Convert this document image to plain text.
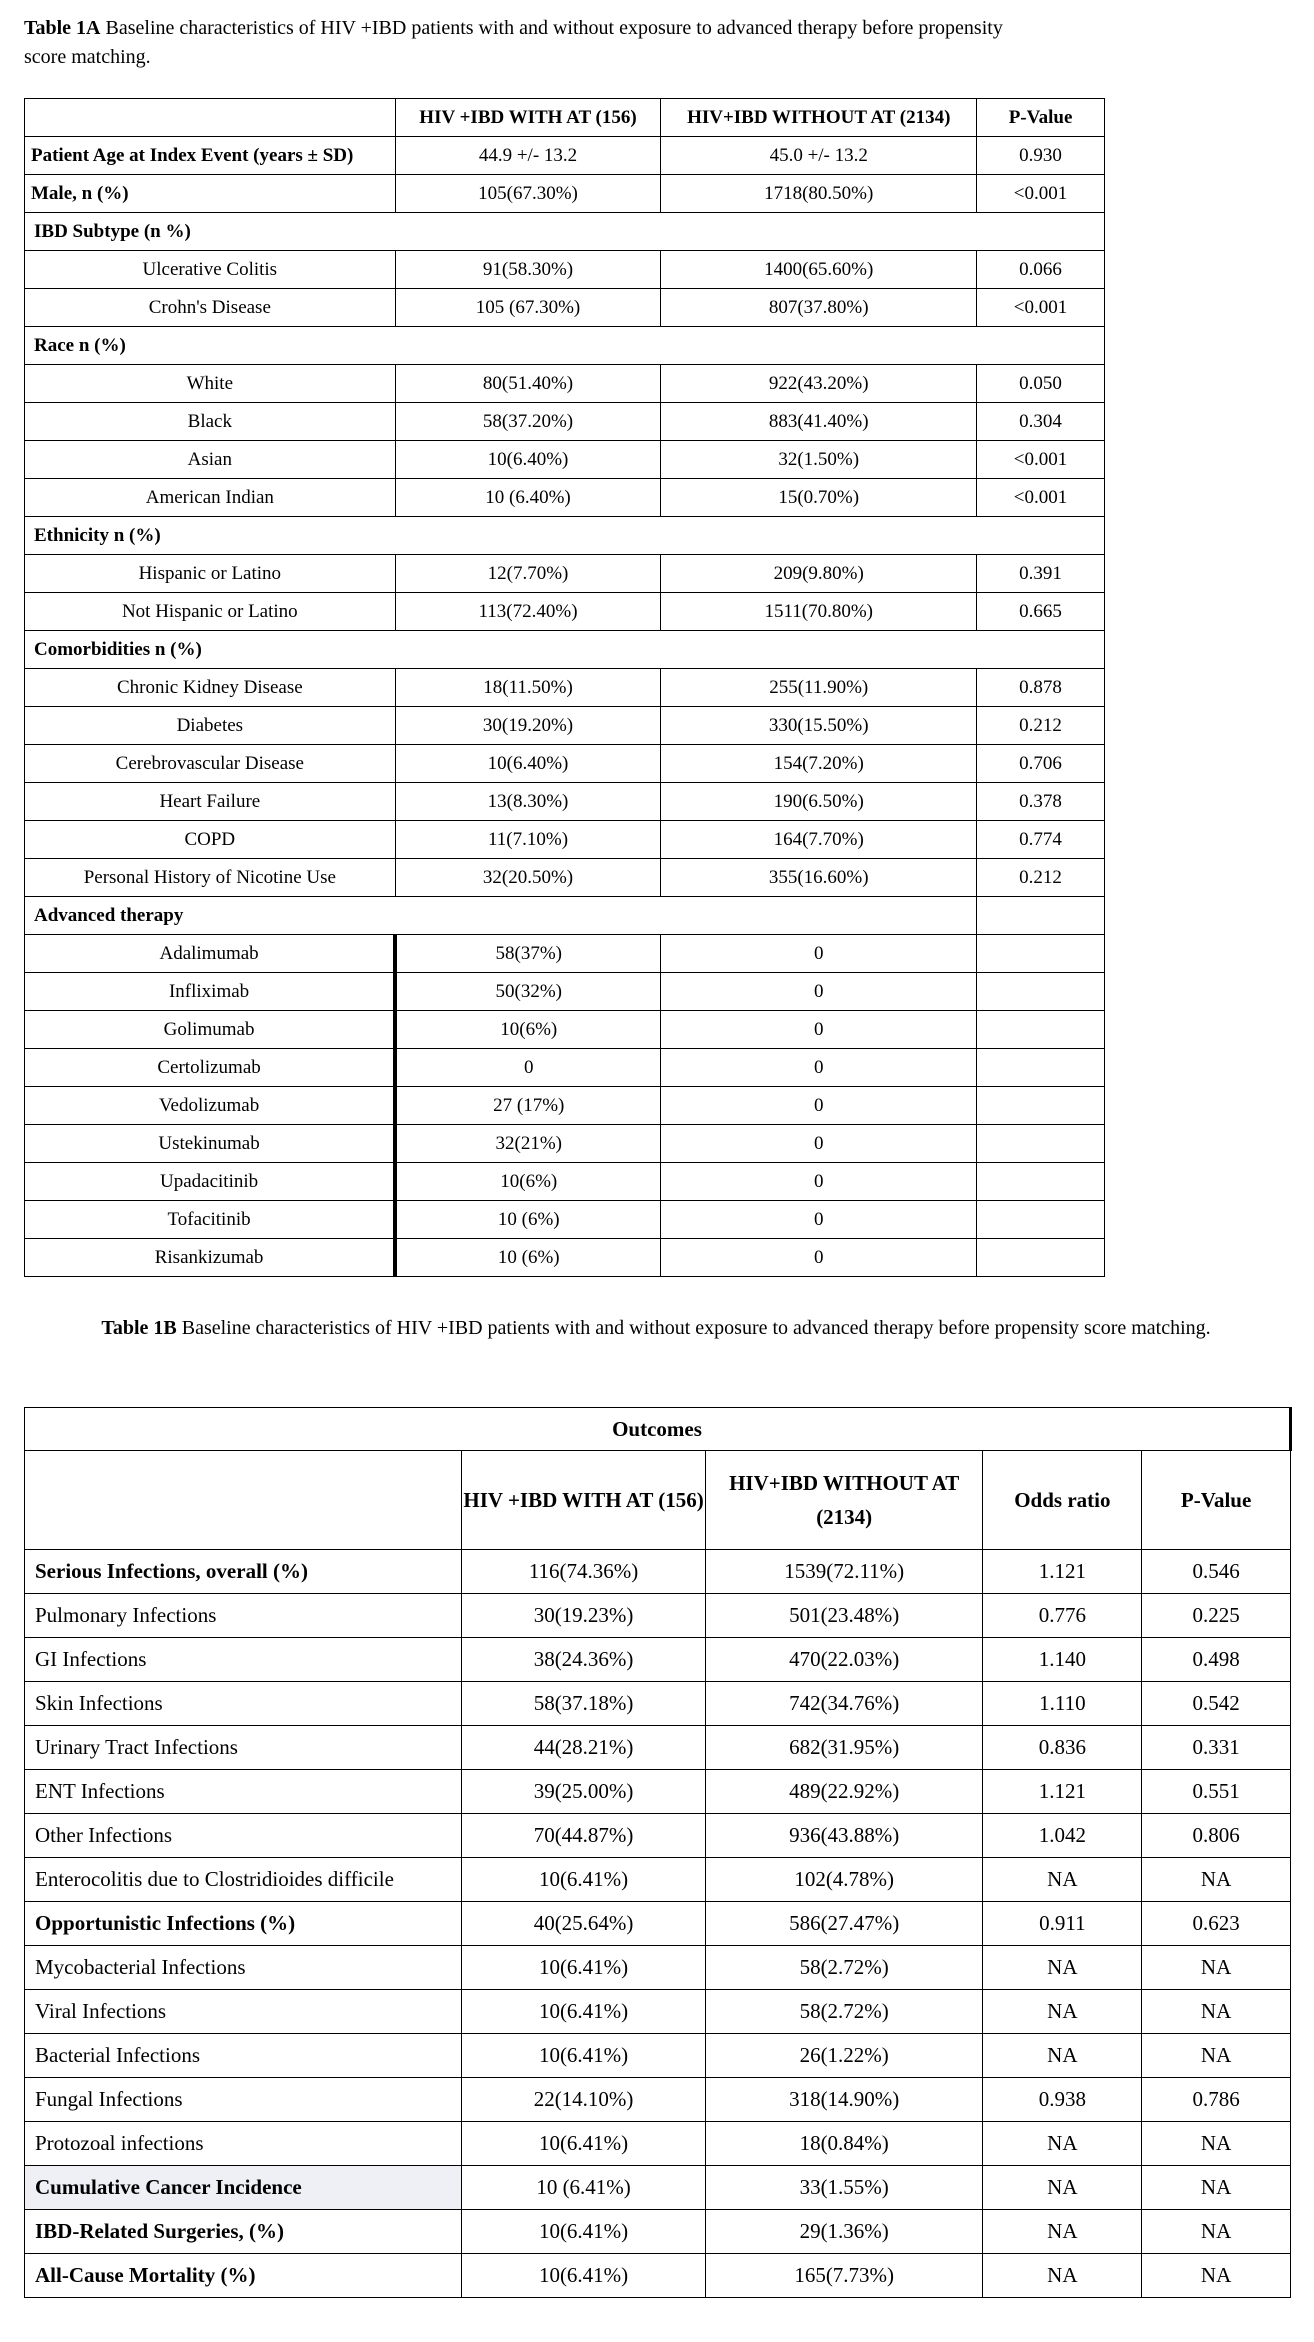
Table 1A Baseline characteristics of HIV +IBD patients with and without exposure to advanced therapy before propensity score matching.
	HIV +IBD WITH AT (156)	HIV+IBD WITHOUT AT (2134)	P-Value
Patient Age at Index Event (years ± SD)	44.9 +/- 13.2	45.0 +/- 13.2	0.930
Male, n (%)	105(67.30%)	1718(80.50%)	<0.001
IBD Subtype (n %)			
Ulcerative Colitis	91(58.30%)	1400(65.60%)	0.066
Crohn's Disease	105 (67.30%)	807(37.80%)	<0.001
Race n (%)			
White	80(51.40%)	922(43.20%)	0.050
Black	58(37.20%)	883(41.40%)	0.304
Asian	10(6.40%)	32(1.50%)	<0.001
American Indian	10 (6.40%)	15(0.70%)	<0.001
Ethnicity n (%)			
Hispanic or Latino	12(7.70%)	209(9.80%)	0.391
Not Hispanic or Latino	113(72.40%)	1511(70.80%)	0.665
Comorbidities n (%)			
Chronic Kidney Disease	18(11.50%)	255(11.90%)	0.878
Diabetes	30(19.20%)	330(15.50%)	0.212
Cerebrovascular Disease	10(6.40%)	154(7.20%)	0.706
Heart Failure	13(8.30%)	190(6.50%)	0.378
COPD	11(7.10%)	164(7.70%)	0.774
Personal History of Nicotine Use	32(20.50%)	355(16.60%)	0.212
Advanced therapy			
Adalimumab	58(37%)	0	
Infliximab	50(32%)	0	
Golimumab	10(6%)	0	
Certolizumab	0	0	
Vedolizumab	27 (17%)	0	
Ustekinumab	32(21%)	0	
Upadacitinib	10(6%)	0	
Tofacitinib	10 (6%)	0	
Risankizumab	10 (6%)	0	
Table 1B Baseline characteristics of HIV +IBD patients with and without exposure to advanced therapy before propensity score matching.
Outcomes				
	HIV +IBD WITH AT (156)	HIV+IBD WITHOUT AT (2134)	Odds ratio	P-Value
Serious Infections, overall (%)	116(74.36%)	1539(72.11%)	1.121	0.546
Pulmonary Infections	30(19.23%)	501(23.48%)	0.776	0.225
GI Infections	38(24.36%)	470(22.03%)	1.140	0.498
Skin Infections	58(37.18%)	742(34.76%)	1.110	0.542
Urinary Tract Infections	44(28.21%)	682(31.95%)	0.836	0.331
ENT Infections	39(25.00%)	489(22.92%)	1.121	0.551
Other Infections	70(44.87%)	936(43.88%)	1.042	0.806
Enterocolitis due to Clostridioides difficile	10(6.41%)	102(4.78%)	NA	NA
Opportunistic Infections (%)	40(25.64%)	586(27.47%)	0.911	0.623
Mycobacterial Infections	10(6.41%)	58(2.72%)	NA	NA
Viral Infections	10(6.41%)	58(2.72%)	NA	NA
Bacterial Infections	10(6.41%)	26(1.22%)	NA	NA
Fungal Infections	22(14.10%)	318(14.90%)	0.938	0.786
Protozoal infections	10(6.41%)	18(0.84%)	NA	NA
Cumulative Cancer Incidence	10 (6.41%)	33(1.55%)	NA	NA
IBD-Related Surgeries, (%)	10(6.41%)	29(1.36%)	NA	NA
All-Cause Mortality (%)	10(6.41%)	165(7.73%)	NA	NA
